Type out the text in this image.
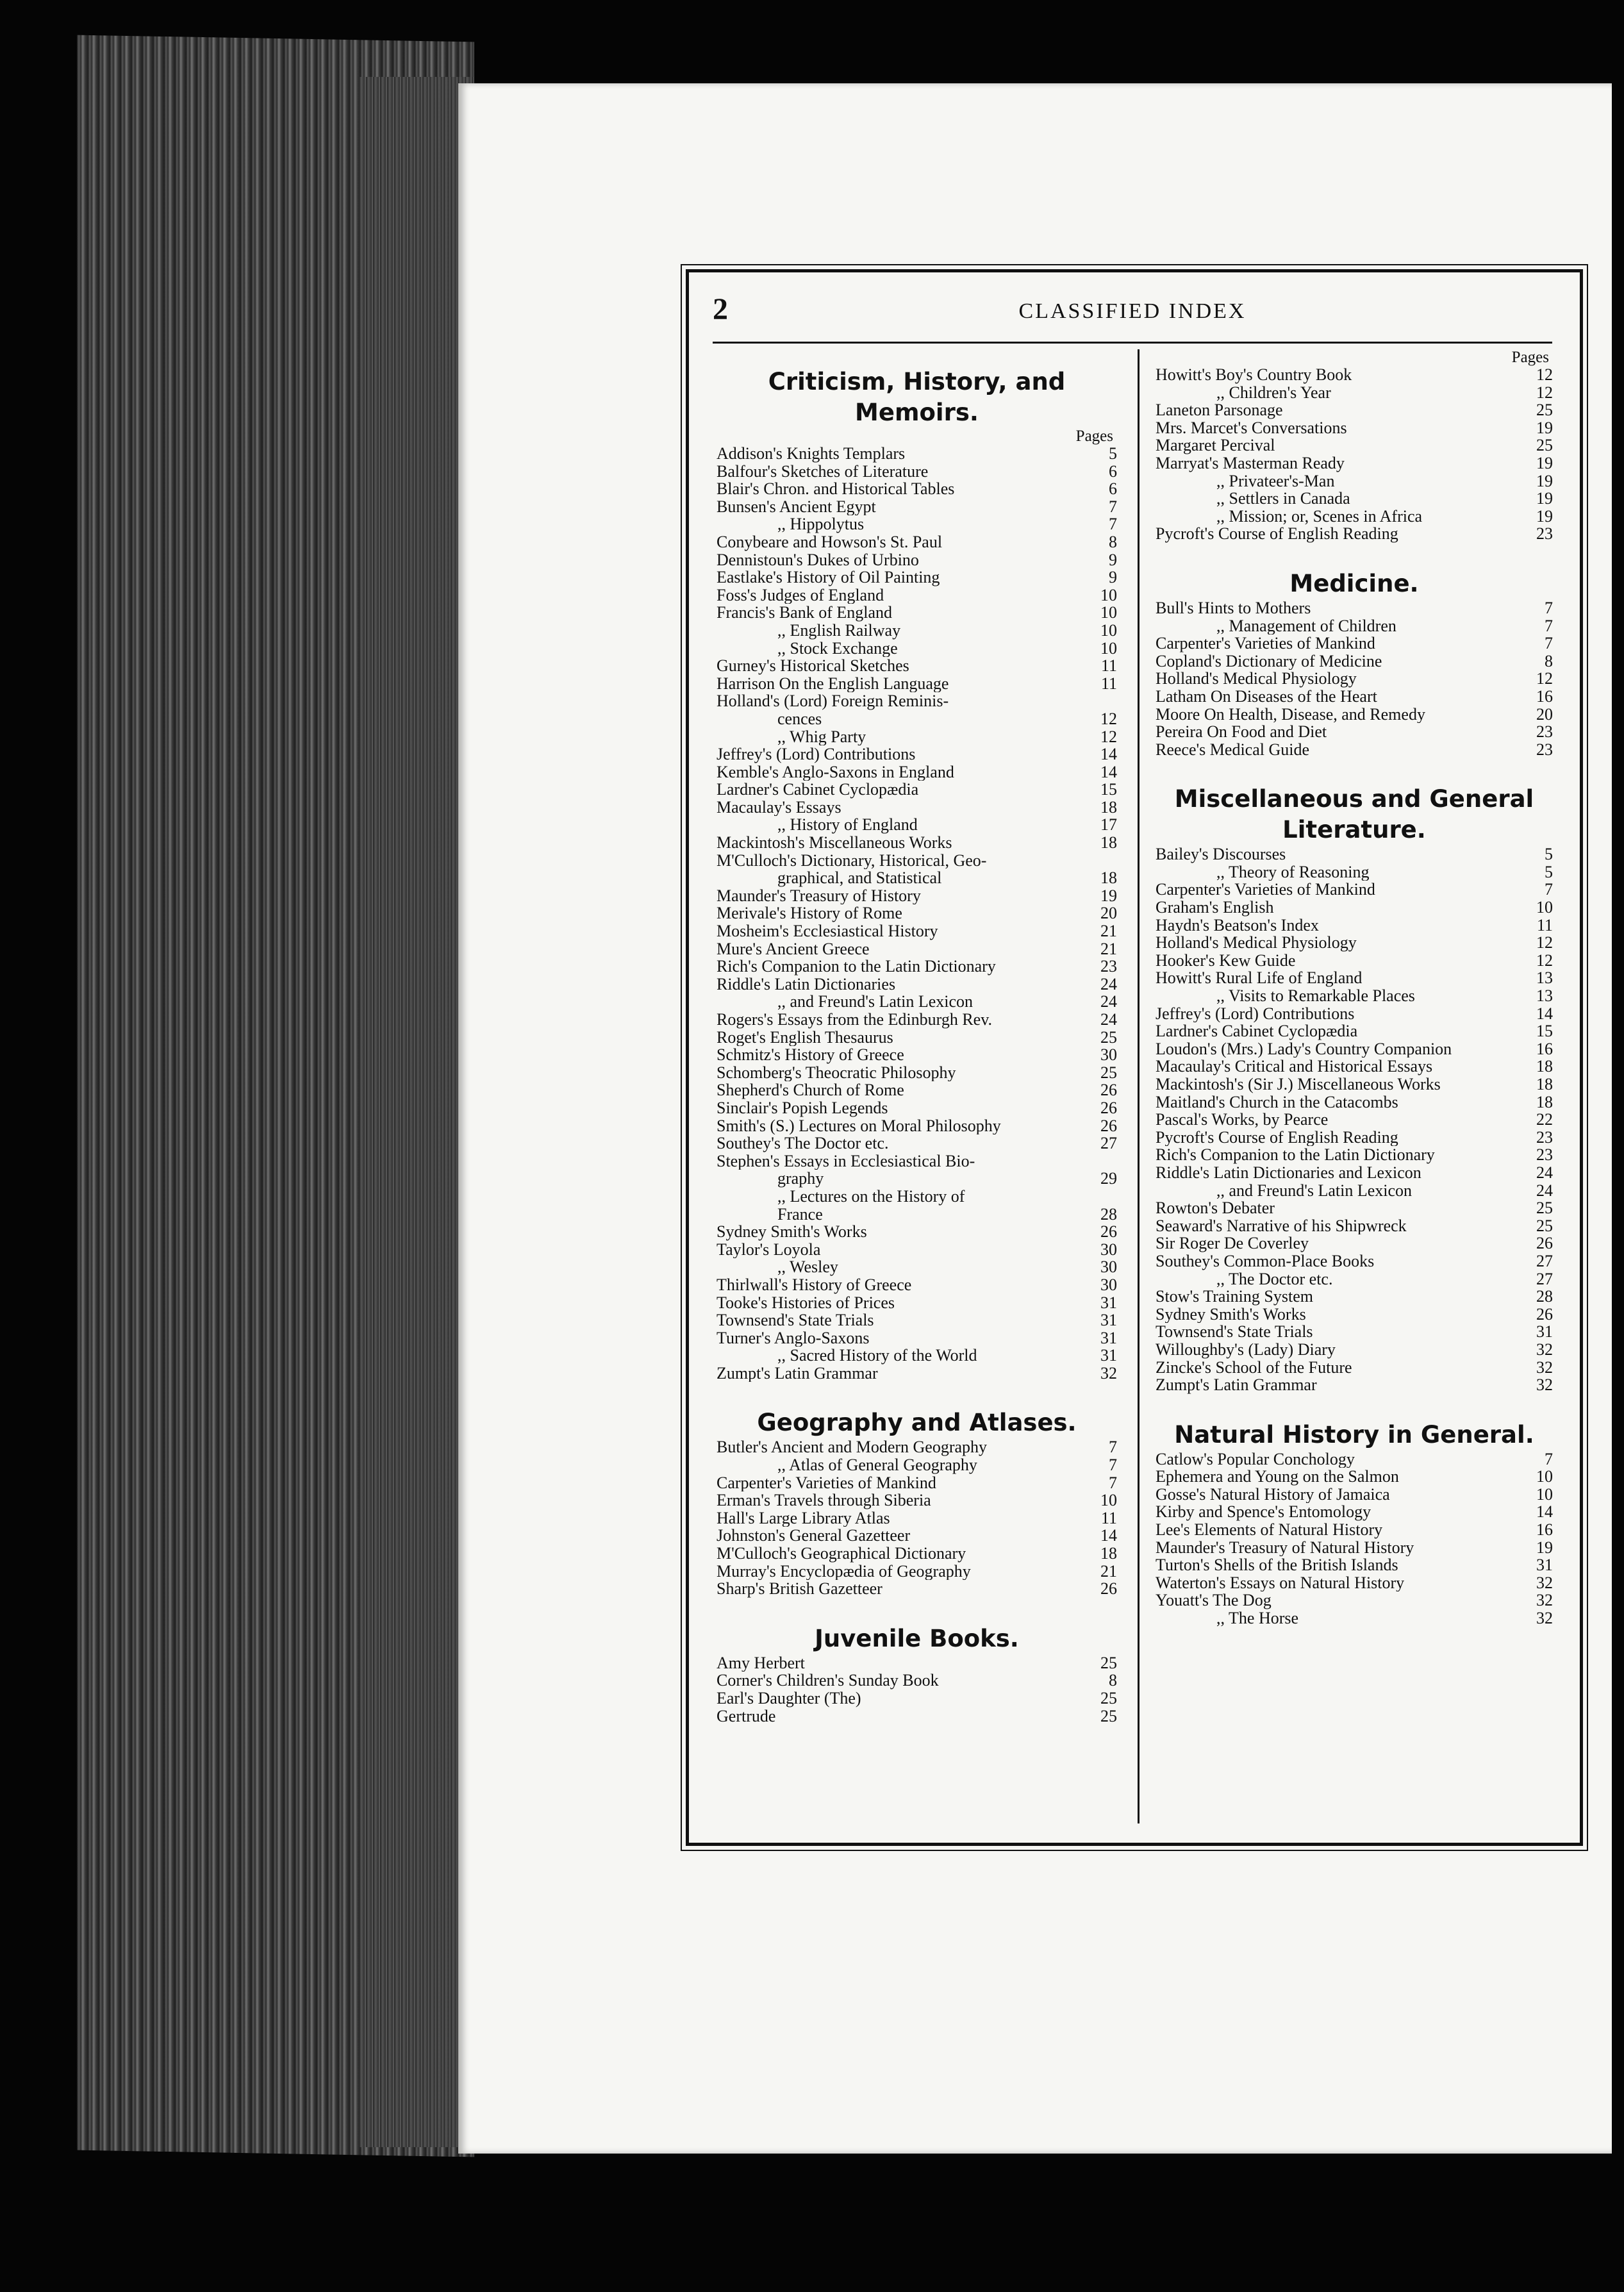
2	CLASSIFIED INDEX
Criticism, History, and Memoirs.
Pages
Addison's Knights Templars	5
Balfour's Sketches of Literature	6
Blair's Chron. and Historical Tables	6
Bunsen's Ancient Egypt	7
,, Hippolytus	7
Conybeare and Howson's St. Paul	8
Dennistoun's Dukes of Urbino	9
Eastlake's History of Oil Painting	9
Foss's Judges of England	10
Francis's Bank of England	10
,, English Railway	10
,, Stock Exchange	10
Gurney's Historical Sketches	11
Harrison On the English Language	11
Holland's (Lord) Foreign Reminis-
cences	12
,, Whig Party	12
Jeffrey's (Lord) Contributions	14
Kemble's Anglo-Saxons in England	14
Lardner's Cabinet Cyclopædia	15
Macaulay's Essays	18
,, History of England	17
Mackintosh's Miscellaneous Works	18
M'Culloch's Dictionary, Historical, Geo-
graphical, and Statistical	18
Maunder's Treasury of History	19
Merivale's History of Rome	20
Mosheim's Ecclesiastical History	21
Mure's Ancient Greece	21
Rich's Companion to the Latin Dictionary	23
Riddle's Latin Dictionaries	24
,, and Freund's Latin Lexicon	24
Rogers's Essays from the Edinburgh Rev.	24
Roget's English Thesaurus	25
Schmitz's History of Greece	30
Schomberg's Theocratic Philosophy	25
Shepherd's Church of Rome	26
Sinclair's Popish Legends	26
Smith's (S.) Lectures on Moral Philosophy	26
Southey's The Doctor etc.	27
Stephen's Essays in Ecclesiastical Bio-
graphy	29
,, Lectures on the History of
France	28
Sydney Smith's Works	26
Taylor's Loyola	30
,, Wesley	30
Thirlwall's History of Greece	30
Tooke's Histories of Prices	31
Townsend's State Trials	31
Turner's Anglo-Saxons	31
,, Sacred History of the World	31
Zumpt's Latin Grammar	32
Geography and Atlases.
Butler's Ancient and Modern Geography	7
,, Atlas of General Geography	7
Carpenter's Varieties of Mankind	7
Erman's Travels through Siberia	10
Hall's Large Library Atlas	11
Johnston's General Gazetteer	14
M'Culloch's Geographical Dictionary	18
Murray's Encyclopædia of Geography	21
Sharp's British Gazetteer	26
Juvenile Books.
Amy Herbert	25
Corner's Children's Sunday Book	8
Earl's Daughter (The)	25
Gertrude	25
Pages
Howitt's Boy's Country Book	12
,, Children's Year	12
Laneton Parsonage	25
Mrs. Marcet's Conversations	19
Margaret Percival	25
Marryat's Masterman Ready	19
,, Privateer's-Man	19
,, Settlers in Canada	19
,, Mission; or, Scenes in Africa	19
Pycroft's Course of English Reading	23
Medicine.
Bull's Hints to Mothers	7
,, Management of Children	7
Carpenter's Varieties of Mankind	7
Copland's Dictionary of Medicine	8
Holland's Medical Physiology	12
Latham On Diseases of the Heart	16
Moore On Health, Disease, and Remedy	20
Pereira On Food and Diet	23
Reece's Medical Guide	23
Miscellaneous and General Literature.
Bailey's Discourses	5
,, Theory of Reasoning	5
Carpenter's Varieties of Mankind	7
Graham's English	10
Haydn's Beatson's Index	11
Holland's Medical Physiology	12
Hooker's Kew Guide	12
Howitt's Rural Life of England	13
,, Visits to Remarkable Places	13
Jeffrey's (Lord) Contributions	14
Lardner's Cabinet Cyclopædia	15
Loudon's (Mrs.) Lady's Country Companion	16
Macaulay's Critical and Historical Essays	18
Mackintosh's (Sir J.) Miscellaneous Works	18
Maitland's Church in the Catacombs	18
Pascal's Works, by Pearce	22
Pycroft's Course of English Reading	23
Rich's Companion to the Latin Dictionary	23
Riddle's Latin Dictionaries and Lexicon	24
,, and Freund's Latin Lexicon	24
Rowton's Debater	25
Seaward's Narrative of his Shipwreck	25
Sir Roger De Coverley	26
Southey's Common-Place Books	27
,, The Doctor etc.	27
Stow's Training System	28
Sydney Smith's Works	26
Townsend's State Trials	31
Willoughby's (Lady) Diary	32
Zincke's School of the Future	32
Zumpt's Latin Grammar	32
Natural History in General.
Catlow's Popular Conchology	7
Ephemera and Young on the Salmon	10
Gosse's Natural History of Jamaica	10
Kirby and Spence's Entomology	14
Lee's Elements of Natural History	16
Maunder's Treasury of Natural History	19
Turton's Shells of the British Islands	31
Waterton's Essays on Natural History	32
Youatt's The Dog	32
,, The Horse	32
